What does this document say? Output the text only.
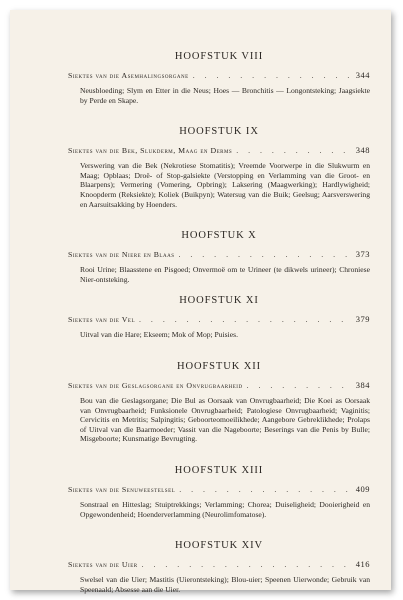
HOOFSTUK VIII
Siektes van die Asemhalingsorgane . . .	344

Neusbloeding; Slym en Etter in die Neus; Hoes — Bronchitis — Longontsteking; Jaagsiekte by Perde en Skape.

HOOFSTUK IX
Siektes van die Bek, Slukderm, Maag en Derms . . .	348

Verswering van die Bek (Nekrotiese Stomatitis); Vreemde Voorwerpe in die Slukwurm en Maag; Opblaas; Droë- of Stop-galsiekte (Verstopping en Verlamming van die Groot- en Blaarpens); Vermering (Vomering, Opbring); Laksering (Maagwerking); Hardlywigheid; Knoopderm (Reksiekte); Koliek (Buikpyn); Watersug van die Buik; Geelsug; Aarsverswering en Aarsuitsakking by Hoenders.

HOOFSTUK X
Siektes van die Niere en Blaas . . .	373

Rooi Urine; Blaasstene en Pisgoed; Onvermoë om te Urineer (te dikwels urineer); Chroniese Nier-ontsteking.

HOOFSTUK XI
Siektes van die Vel . . .	379

Uitval van die Hare; Ekseem; Mok of Mop; Puisies.

HOOFSTUK XII
Siektes van die Geslagsorgane en Onvrugbaarheid . . .	384

Bou van die Geslagsorgane; Die Bul as Oorsaak van Onvrugbaarheid; Die Koei as Oorsaak van Onvrugbaarheid; Funksionele Onvrugbaarheid; Patologiese Onvrugbaarheid; Vaginitis; Cervicitis en Metritis; Salpingitis; Geboorteomoeilikhede; Aangebore Gebreklikhede; Prolaps of Uitval van die Baarmoeder; Vassit van die Nageboorte; Beserings van die Penis by Bulle; Misgeboorte; Kunsmatige Bevrugting.

HOOFSTUK XIII
Siektes van die Senuweestelsel . . .	409

Sonstraal en Hitteslag; Stuiptrekkings; Verlamming; Chorea; Duiseligheid; Dooierigheid en Opgewondenheid; Hoenderverlamming (Neurolimfomatose).

HOOFSTUK XIV
Siektes van die Uier . . .	416

Swelsel van die Uier; Mastitis (Uierontsteking); Blou-uier; Speenen Uierwonde; Gebruik van Speenaald; Absesse aan die Uier.
